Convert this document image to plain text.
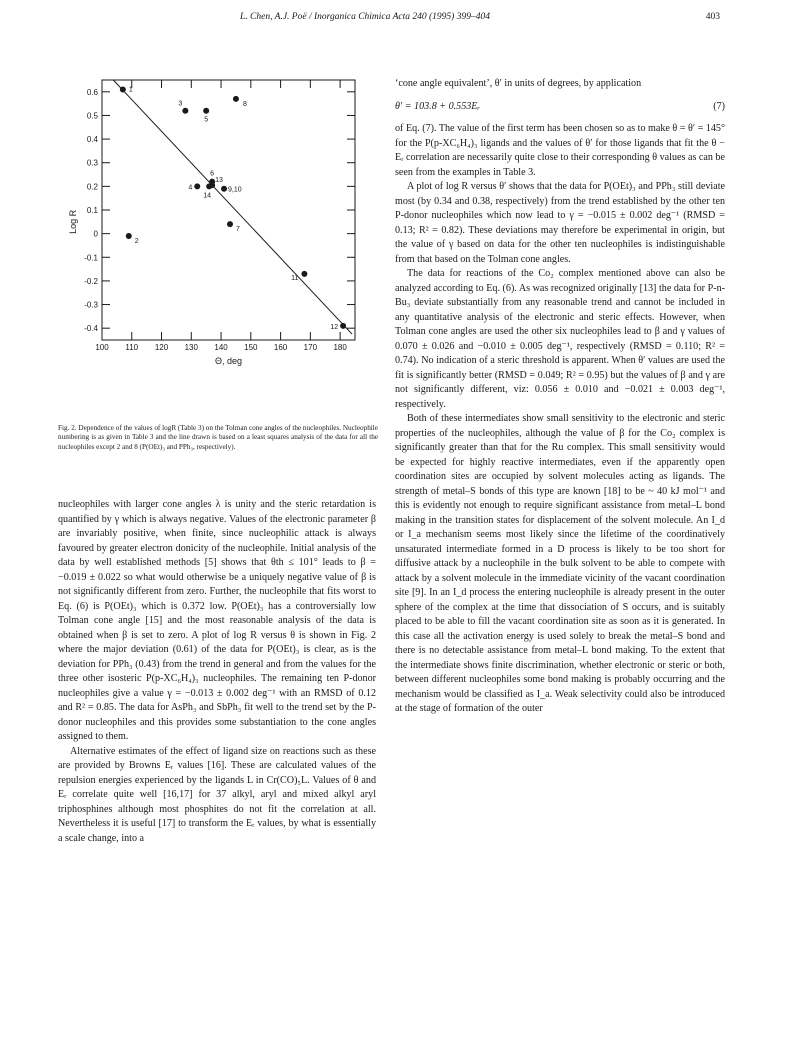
L. Chen, A.J. Poë / Inorganica Chimica Acta 240 (1995) 399–404	403
100 110 120 130 140 150 160 170 180
0.6
0.5
0.4
0.3
0.2
0.1
0
-0.1
-0.2
-0.3
-0.4
Θ, deg
Log R
1
2
3
4
5
6
7
8
9,10
11
12
13
14
Fig. 2. Dependence of the values of logR (Table 3) on the Tolman cone angles of the nucleophiles. Nucleophile numbering is as given in Table 3 and the line drawn is based on a least squares analysis of the data for all the nucleophiles except 2 and 8 (P(OEt)₃ and PPh₃, respectively).

nucleophiles with larger cone angles λ is unity and the steric retardation is quantified by γ which is always negative. Values of the electronic parameter β are invariably positive, when finite, since nucleophilic attack is always favoured by greater electron donicity of the nucleophile. Initial analysis of the data by well established methods [5] shows that θth ≤ 101° leads to β = −0.019 ± 0.022 so what would otherwise be a uniquely negative value of β is not significantly different from zero. Further, the nucleophile that fits worst to Eq. (6) is P(OEt)₃ which is 0.372 low. P(OEt)₃ has a controversially low Tolman cone angle [15] and the most reasonable analysis of the data is obtained when β is set to zero. A plot of log R versus θ is shown in Fig. 2 where the major deviation (0.61) of the data for P(OEt)₃ is clear, as is the deviation for PPh₃ (0.43) from the trend in general and from the values for the three other isosteric P(p-XC₆H₄)₃ nucleophiles. The remaining ten P-donor nucleophiles give a value γ = −0.013 ± 0.002 deg⁻¹ with an RMSD of 0.12 and R² = 0.85. The data for AsPh₃ and SbPh₃ fit well to the trend set by the P-donor nucleophiles and this provides some substantiation to the cone angles assigned to them.

Alternative estimates of the effect of ligand size on reactions such as these are provided by Browns Eᵣ values [16]. These are calculated values of the repulsion energies experienced by the ligands L in Cr(CO)₅L. Values of θ and Eᵣ correlate quite well [16,17] for 37 alkyl, aryl and mixed alkyl aryl triphosphines although most phosphites do not fit the correlation at all. Nevertheless it is useful [17] to transform the Eᵣ values, by what is essentially a scale change, into a

‘cone angle equivalent’, θ′ in units of degrees, by application

θ′ = 103.8 + 0.553Eᵣ	(7)

of Eq. (7). The value of the first term has been chosen so as to make θ = θ′ = 145° for the P(p-XC₆H₄)₃ ligands and the values of θ′ for those ligands that fit the θ − Eᵣ correlation are necessarily quite close to their corresponding θ values as can be seen from the examples in Table 3.

A plot of log R versus θ′ shows that the data for P(OEt)₃ and PPh₃ still deviate most (by 0.34 and 0.38, respectively) from the trend established by the other ten P-donor nucleophiles which now lead to γ = −0.015 ± 0.002 deg⁻¹ (RMSD = 0.13; R² = 0.82). These deviations may therefore be experimental in origin, but the value of γ based on data for the other ten nucleophiles is indistinguishable from that based on the Tolman cone angles.

The data for reactions of the Co₂ complex mentioned above can also be analyzed according to Eq. (6). As was recognized originally [13] the data for P-n-Bu₃ deviate substantially from any reasonable trend and cannot be included in any quantitative analysis of the electronic and steric effects. However, when Tolman cone angles are used the other six nucleophiles lead to β and γ values of 0.070 ± 0.026 and −0.010 ± 0.005 deg⁻¹, respectively (RMSD = 0.110; R² = 0.74). No indication of a steric threshold is apparent. When θ′ values are used the fit is significantly better (RMSD = 0.049; R² = 0.95) but the values of β and γ are not significantly different, viz: 0.056 ± 0.010 and −0.021 ± 0.003 deg⁻¹, respectively.

Both of these intermediates show small sensitivity to the electronic and steric properties of the nucleophiles, although the value of β for the Co₂ complex is significantly greater than that for the Ru complex. This small sensitivity would be expected for highly reactive intermediates, even if the apparently open coordination sites are occupied by solvent molecules acting as ligands. The strength of metal–S bonds of this type are known [18] to be ~ 40 kJ mol⁻¹ and this is evidently not enough to require significant assistance from metal–L bond making in the transition states for displacement of the solvent molecule. An I_d or I_a mechanism seems most likely since the lifetime of the coordinatively unsaturated intermediate formed in a D process is likely to be too short for diffusive attack by a nucleophile in the bulk solvent to be able to compete with attack by a solvent molecule in the immediate vicinity of the vacant coordination site [9]. In an I_d process the entering nucleophile is already present in the outer sphere of the complex at the time that dissociation of S occurs, and is suitably placed to be able to fill the vacant coordination site as soon as it is generated. In this case all the activation energy is used solely to break the metal–S bond and there is no detectable assistance from metal–L bond making. To the extent that the intermediate shows finite discrimination, whether electronic or steric or both, between different nucleophiles some bond making is probably occurring and the mechanism would be classified as I_a. Weak selectivity could also be introduced at the stage of formation of the outer
